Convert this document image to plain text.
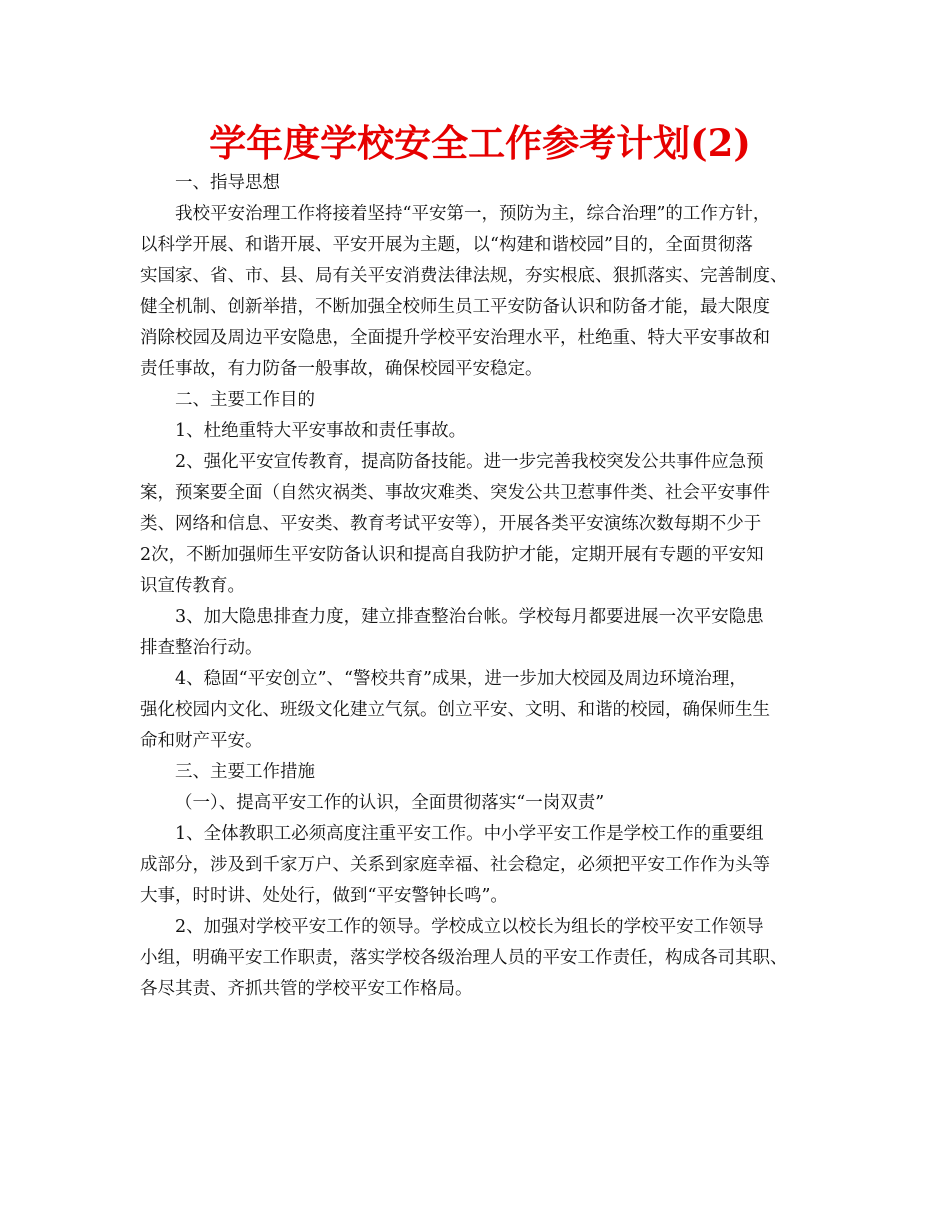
学年度学校安全工作参考计划(2)
一、指导思想
我校平安治理工作将接着坚持“平安第一，预防为主，综合治理”的工作方针，
以科学开展、和谐开展、平安开展为主题，以“构建和谐校园”目的，全面贯彻落
实国家、省、市、县、局有关平安消费法律法规，夯实根底、狠抓落实、完善制度、
健全机制、创新举措，不断加强全校师生员工平安防备认识和防备才能，最大限度
消除校园及周边平安隐患，全面提升学校平安治理水平，杜绝重、特大平安事故和
责任事故，有力防备一般事故，确保校园平安稳定。
二、主要工作目的
1、杜绝重特大平安事故和责任事故。
2、强化平安宣传教育，提高防备技能。进一步完善我校突发公共事件应急预
案，预案要全面（自然灾祸类、事故灾难类、突发公共卫惹事件类、社会平安事件
类、网络和信息、平安类、教育考试平安等），开展各类平安演练次数每期不少于
2次，不断加强师生平安防备认识和提高自我防护才能，定期开展有专题的平安知
识宣传教育。
3、加大隐患排查力度，建立排查整治台帐。学校每月都要进展一次平安隐患
排查整治行动。
4、稳固“平安创立”、“警校共育”成果，进一步加大校园及周边环境治理，
强化校园内文化、班级文化建立气氛。创立平安、文明、和谐的校园，确保师生生
命和财产平安。
三、主要工作措施
（一）、提高平安工作的认识，全面贯彻落实“一岗双责”
1、全体教职工必须高度注重平安工作。中小学平安工作是学校工作的重要组
成部分，涉及到千家万户、关系到家庭幸福、社会稳定，必须把平安工作作为头等
大事，时时讲、处处行，做到“平安警钟长鸣”。
2、加强对学校平安工作的领导。学校成立以校长为组长的学校平安工作领导
小组，明确平安工作职责，落实学校各级治理人员的平安工作责任，构成各司其职、
各尽其责、齐抓共管的学校平安工作格局。
